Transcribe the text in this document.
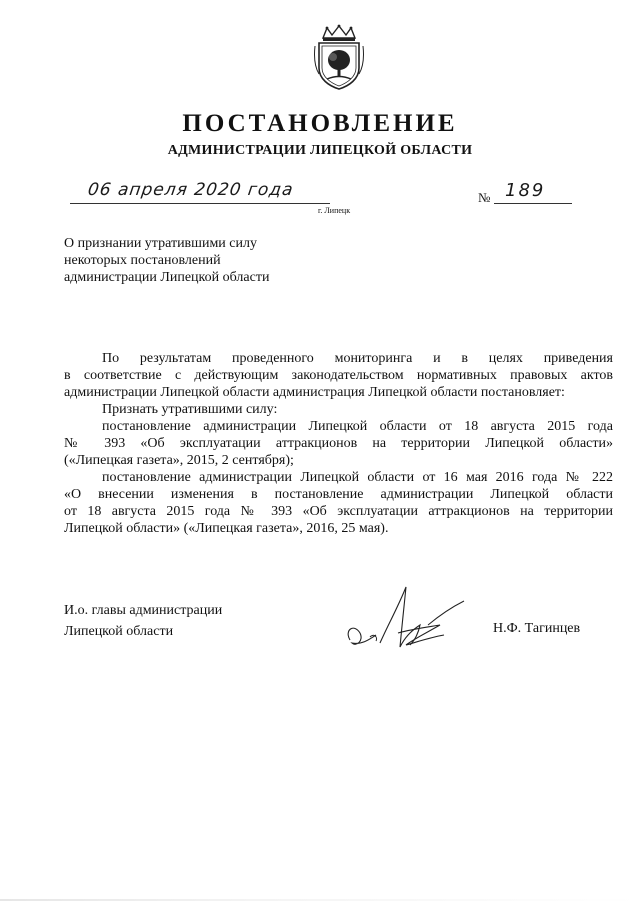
ПОСТАНОВЛЕНИЕ
АДМИНИСТРАЦИИ ЛИПЕЦКОЙ ОБЛАСТИ
06 апреля 2020 года
г. Липецк
№ 189
О признании утратившими силу
некоторых постановлений
администрации Липецкой области
По результатам проведенного мониторинга и в целях приведения
в соответствие с действующим законодательством нормативных правовых актов
администрации Липецкой области администрация Липецкой области постановляет:
Признать утратившими силу:
постановление администрации Липецкой области от 18 августа 2015 года
№ 393 «Об эксплуатации аттракционов на территории Липецкой области»
(«Липецкая газета», 2015, 2 сентября);
постановление администрации Липецкой области от 16 мая 2016 года № 222
«О внесении изменения в постановление администрации Липецкой области
от 18 августа 2015 года № 393 «Об эксплуатации аттракционов на территории
Липецкой области» («Липецкая газета», 2016, 25 мая).
И.о. главы администрации
Липецкой области	Н.Ф. Тагинцев
